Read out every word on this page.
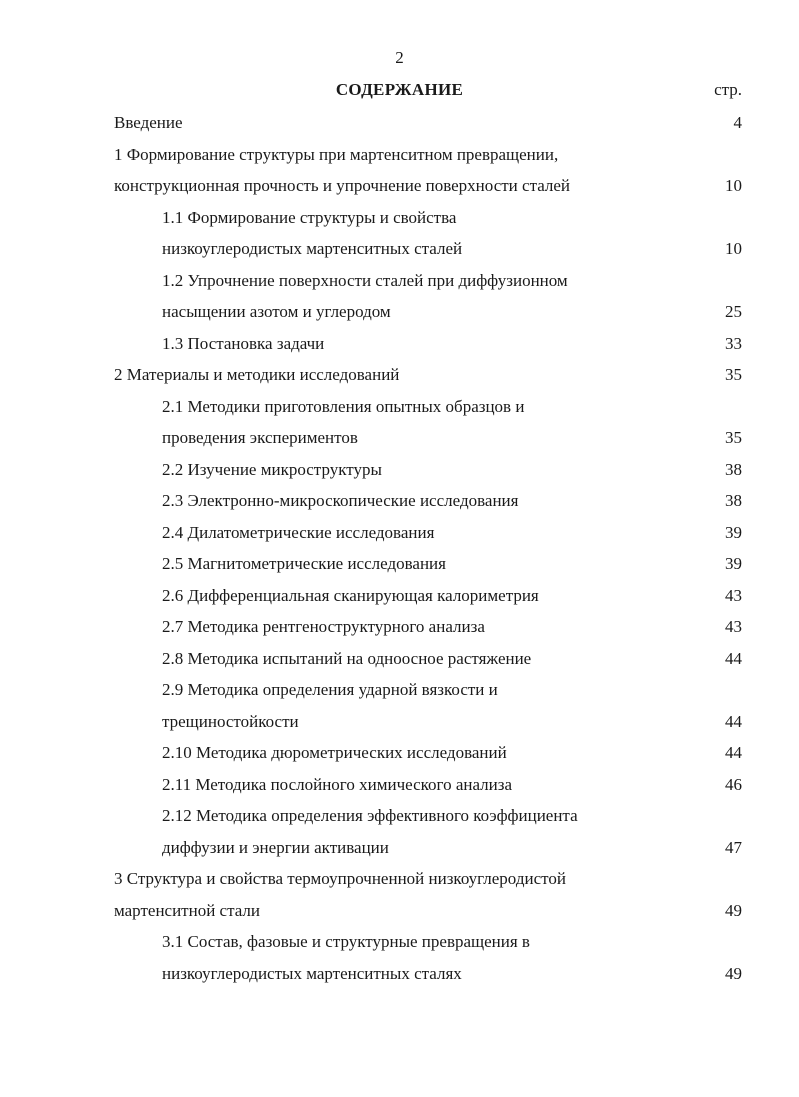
2
СОДЕРЖАНИЕ	стр.
Введение	4
1 Формирование структуры при мартенситном превращении,
конструкционная прочность и упрочнение поверхности сталей	10
1.1 Формирование структуры и свойства
низкоуглеродистых мартенситных сталей	10
1.2 Упрочнение поверхности сталей при диффузионном
насыщении азотом и углеродом	25
1.3 Постановка задачи	33
2 Материалы и методики исследований	35
2.1 Методики приготовления опытных образцов и
проведения экспериментов	35
2.2 Изучение микроструктуры	38
2.3 Электронно-микроскопические исследования	38
2.4 Дилатометрические исследования	39
2.5 Магнитометрические исследования	39
2.6 Дифференциальная сканирующая калориметрия	43
2.7 Методика рентгеноструктурного анализа	43
2.8 Методика испытаний на одноосное растяжение	44
2.9 Методика определения ударной вязкости и
трещиностойкости	44
2.10 Методика дюрометрических исследований	44
2.11 Методика послойного химического анализа	46
2.12 Методика определения эффективного коэффициента
диффузии и энергии активации	47
3 Структура и свойства термоупрочненной низкоуглеродистой
мартенситной стали	49
3.1 Состав, фазовые и структурные превращения в
низкоуглеродистых мартенситных сталях	49
